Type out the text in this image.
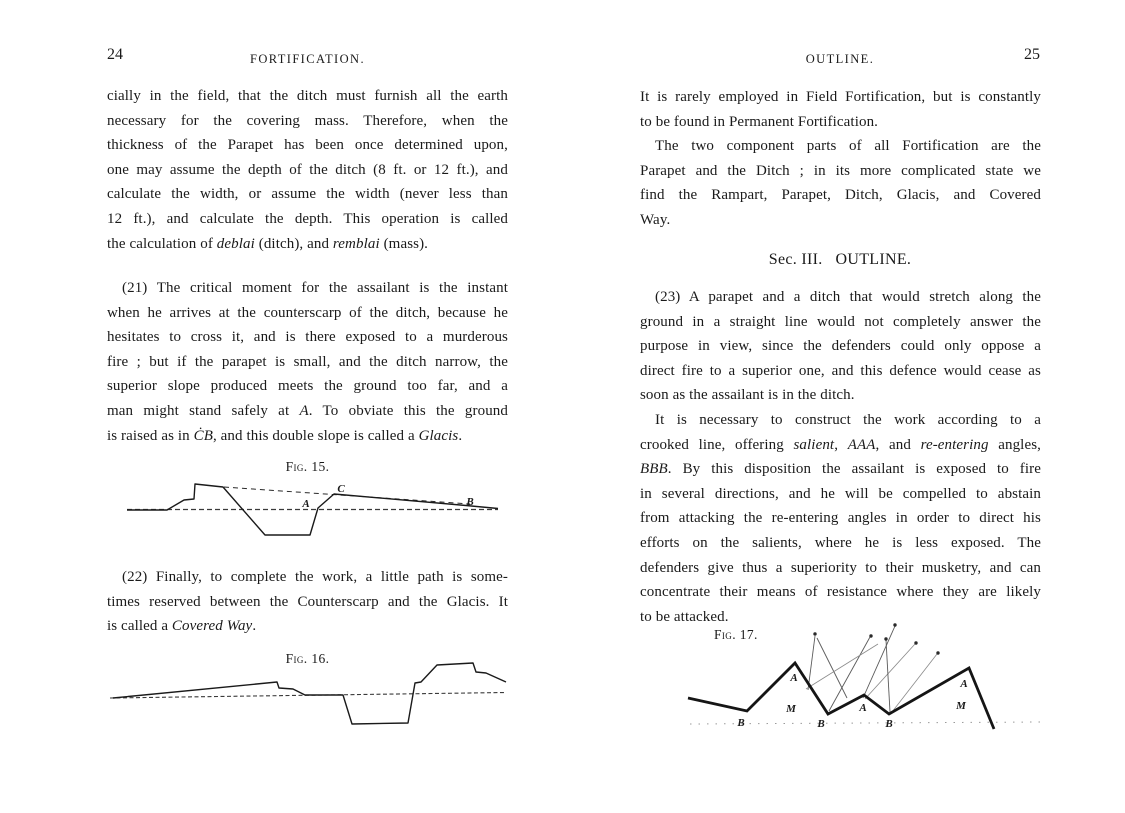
24	FORTIFICATION.
cially in the field, that the ditch must furnish all the earth
necessary for the covering mass. Therefore, when the
thickness of the Parapet has been once determined upon,
one may assume the depth of the ditch (8 ft. or 12 ft.), and
calculate the width, or assume the width (never less than
12 ft.), and calculate the depth. This operation is called
the calculation of deblai (ditch), and remblai (mass).
(21) The critical moment for the assailant is the instant
when he arrives at the counterscarp of the ditch, because he
hesitates to cross it, and is there exposed to a murderous
fire ; but if the parapet is small, and the ditch narrow, the
superior slope produced meets the ground too far, and a
man might stand safely at A. To obviate this the ground
is raised as in ĊB, and this double slope is called a Glacis.
Fig. 15.
A
C
B
(22) Finally, to complete the work, a little path is some-
times reserved between the Counterscarp and the Glacis. It
is called a Covered Way.
Fig. 16.
OUTLINE.	25
It is rarely employed in Field Fortification, but is constantly
to be found in Permanent Fortification.
The two component parts of all Fortification are the
Parapet and the Ditch ; in its more complicated state we
find the Rampart, Parapet, Ditch, Glacis, and Covered
Way.
Sec. III.   OUTLINE.
(23) A parapet and a ditch that would stretch along the
ground in a straight line would not completely answer the
purpose in view, since the defenders could only oppose a
direct fire to a superior one, and this defence would cease as
soon as the assailant is in the ditch.
It is necessary to construct the work according to a
crooked line, offering salient, AAA, and re-entering angles,
BBB. By this disposition the assailant is exposed to fire
in several directions, and he will be compelled to abstain
from attacking the re-entering angles in order to direct his
efforts on the salients, where he is less exposed. The
defenders give thus a superiority to their musketry, and can
concentrate their means of resistance where they are likely
to be attacked.
Fig. 17.
B
A
M
B
A
B
M
A
